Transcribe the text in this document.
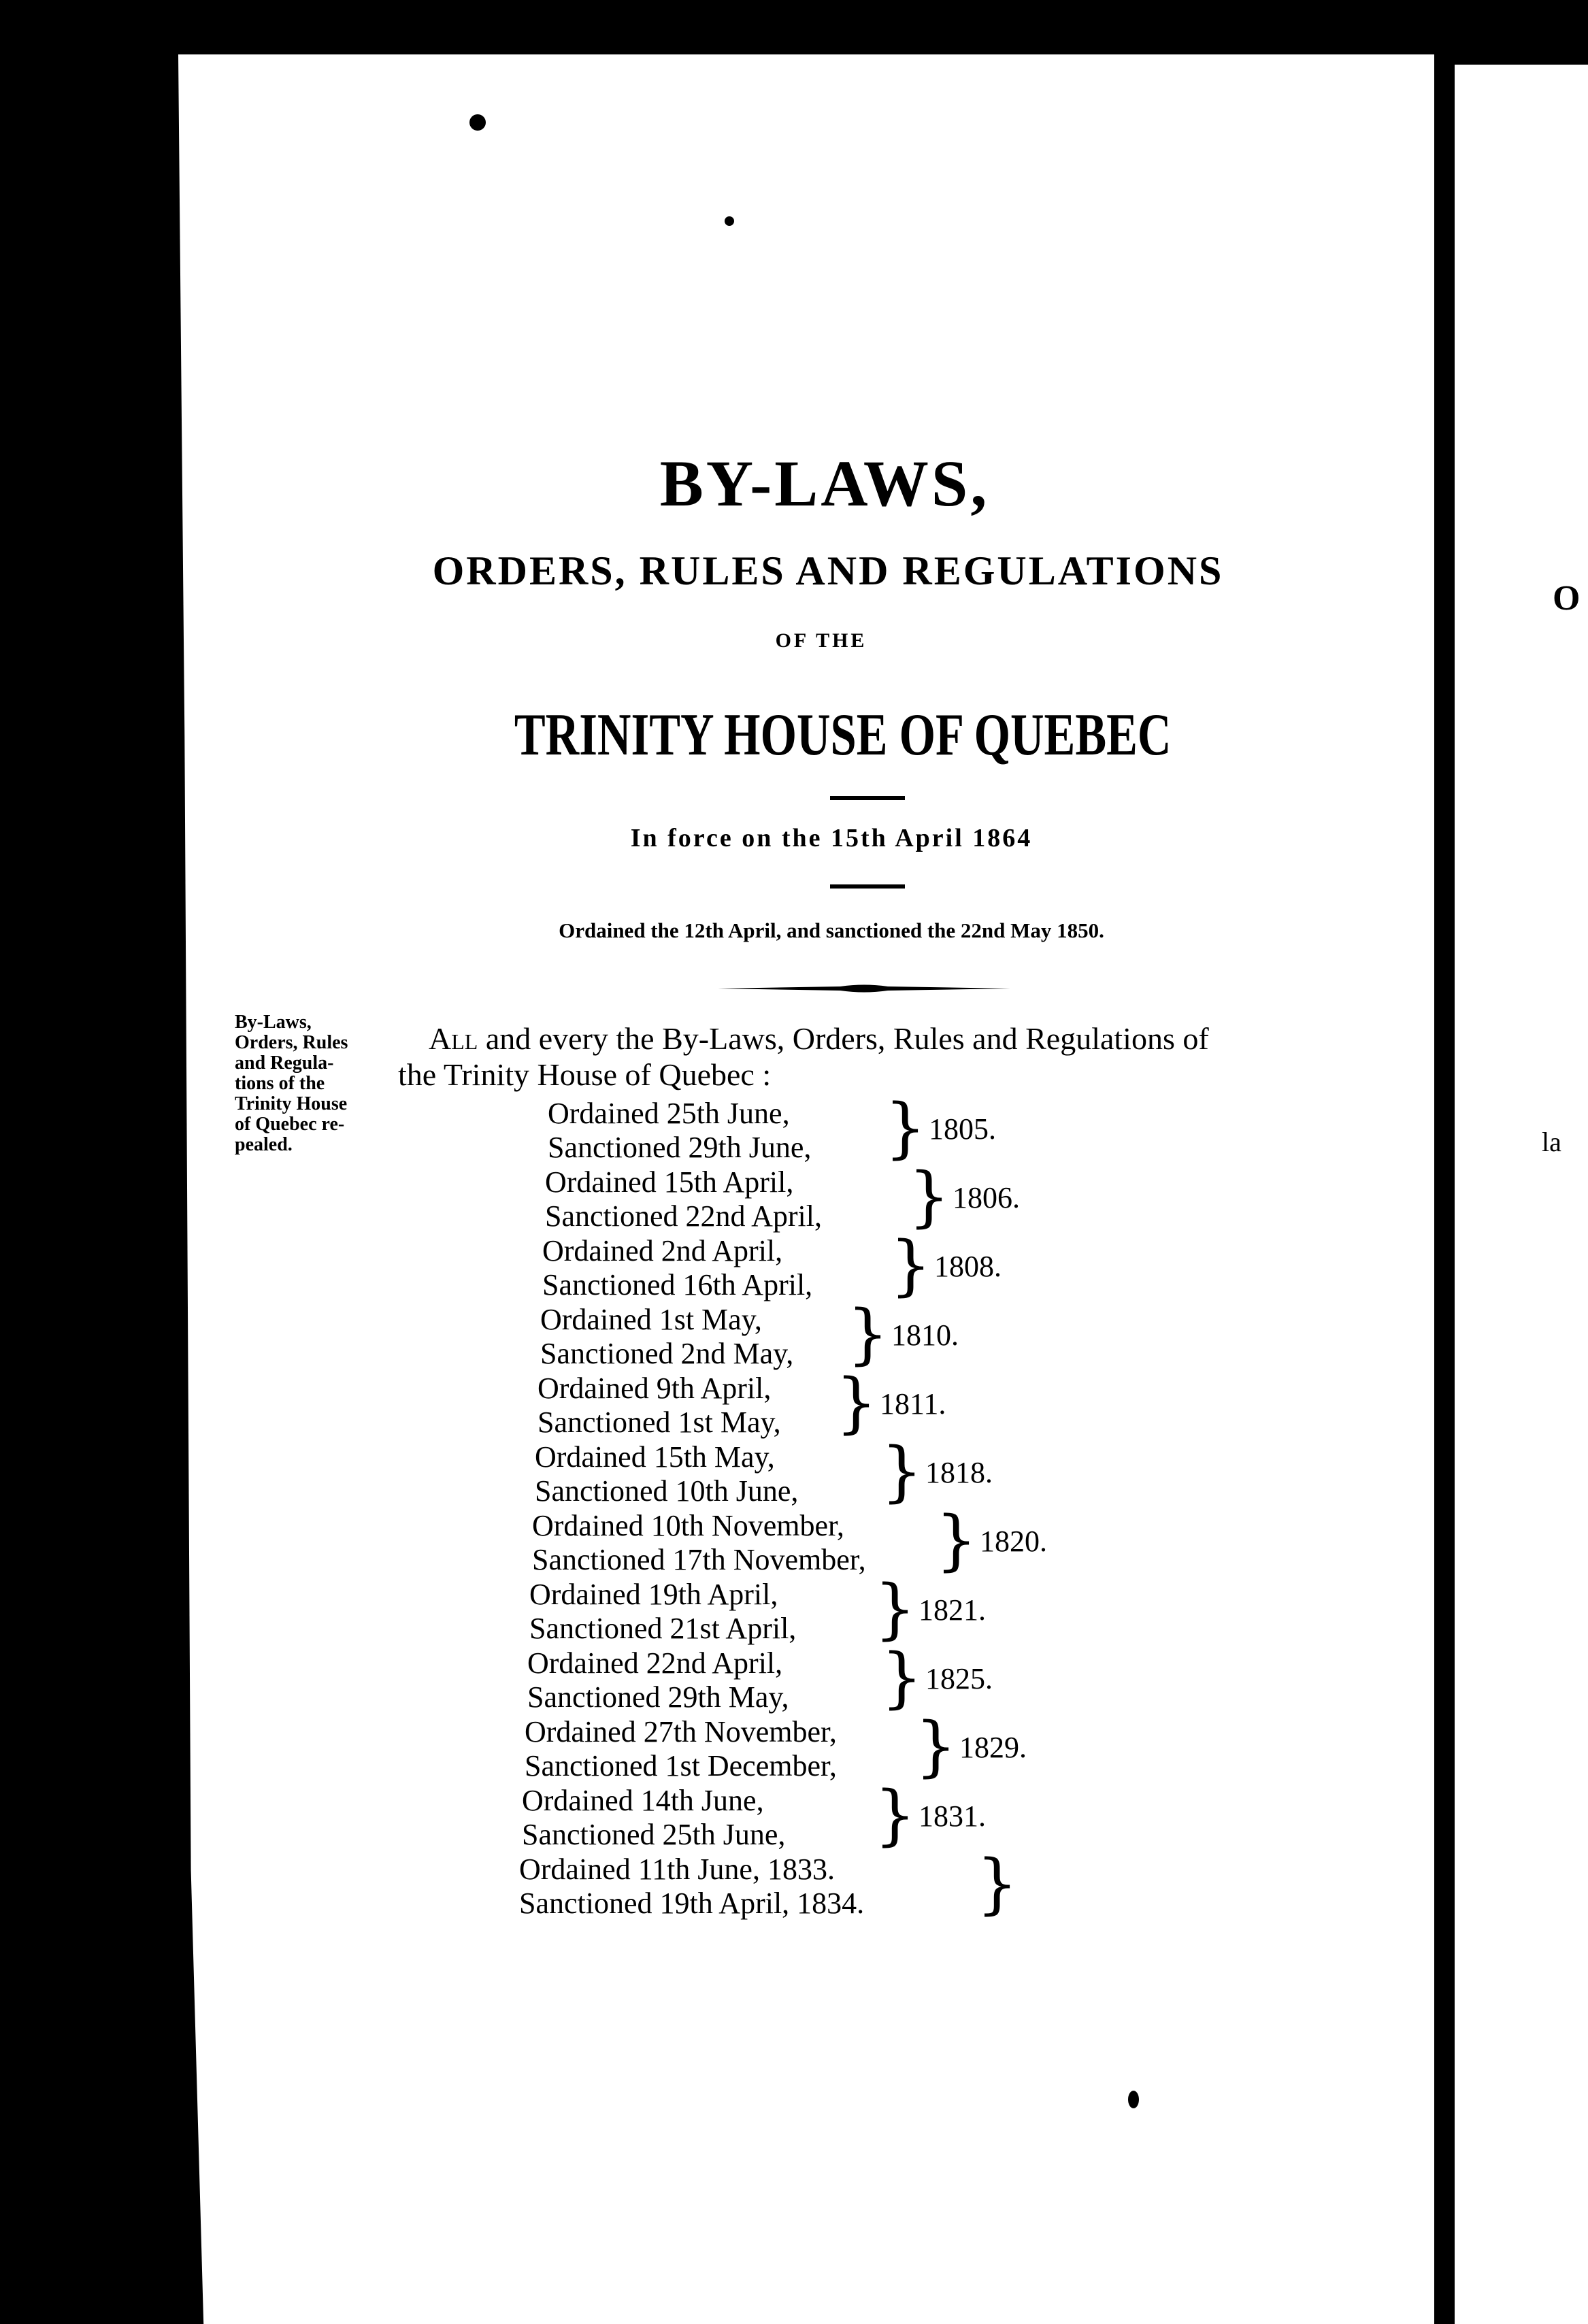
BY-LAWS,
ORDERS, RULES AND REGULATIONS
OF THE
TRINITY HOUSE OF QUEBEC
In force on the 15th April 1864
Ordained the 12th April, and sanctioned the 22nd May 1850.
By-Laws,
Orders, Rules
and Regula-
tions of the
Trinity House
of Quebec re-
pealed.
All and every the By-Laws, Orders, Rules and Regulations of
the Trinity House of Quebec :
Ordained 25th June,
Sanctioned 29th June, } 1805.
Ordained 15th April,
Sanctioned 22nd April, } 1806.
Ordained 2nd April,
Sanctioned 16th April, } 1808.
Ordained 1st May,
Sanctioned 2nd May, } 1810.
Ordained 9th April,
Sanctioned 1st May, } 1811.
Ordained 15th May,
Sanctioned 10th June, } 1818.
Ordained 10th November,
Sanctioned 17th November, } 1820.
Ordained 19th April,
Sanctioned 21st April, } 1821.
Ordained 22nd April,
Sanctioned 29th May, } 1825.
Ordained 27th November,
Sanctioned 1st December, } 1829.
Ordained 14th June,
Sanctioned 25th June, } 1831.
Ordained 11th June, 1833.
Sanctioned 19th April, 1834. }
O
la
